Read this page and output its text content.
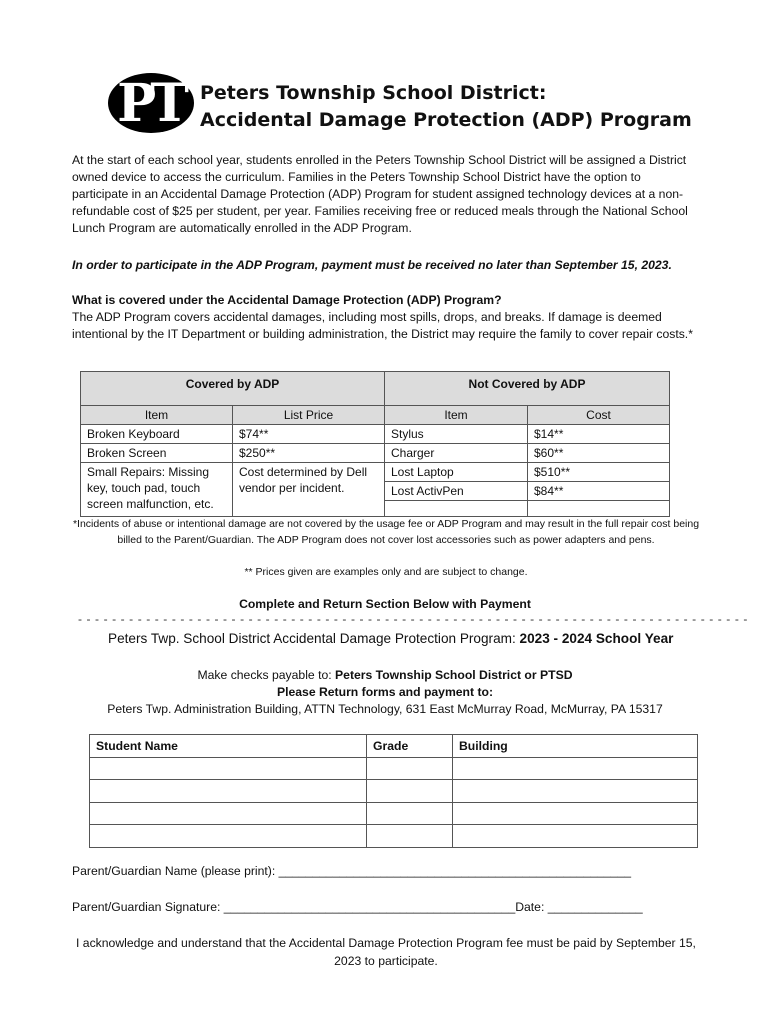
PT Peters Township School District:
Accidental Damage Protection (ADP) Program
At the start of each school year, students enrolled in the Peters Township School District will be assigned a District owned device to access the curriculum. Families in the Peters Township School District have the option to participate in an Accidental Damage Protection (ADP) Program for student assigned technology devices at a non-refundable cost of $25 per student, per year. Families receiving free or reduced meals through the National School Lunch Program are automatically enrolled in the ADP Program.
In order to participate in the ADP Program, payment must be received no later than September 15, 2023.
What is covered under the Accidental Damage Protection (ADP) Program?
The ADP Program covers accidental damages, including most spills, drops, and breaks. If damage is deemed intentional by the IT Department or building administration, the District may require the family to cover repair costs.*
Covered by ADP		Not Covered by ADP	
Item	List Price	Item	Cost
Broken Keyboard	$74**	Stylus	$14**
Broken Screen	$250**	Charger	$60**
Small Repairs: Missing key, touch pad, touch screen malfunction, etc.	Cost determined by Dell vendor per incident.	Lost Laptop	$510**
		Lost ActivPen	$84**

*Incidents of abuse or intentional damage are not covered by the usage fee or ADP Program and may result in the full repair cost being billed to the Parent/Guardian. The ADP Program does not cover lost accessories such as power adapters and pens.
** Prices given are examples only and are subject to change.
Complete and Return Section Below with Payment
- - - - - - - - - - - - - - - - - - - - - - - - - - - - - - - - - - - - - - - - - - - - - - - - - - - - - - - - - - - - - - - - - - - - - - - - - - - - - - -
Peters Twp. School District Accidental Damage Protection Program: 2023 - 2024 School Year
Make checks payable to: Peters Township School District or PTSD
Please Return forms and payment to:
Peters Twp. Administration Building, ATTN Technology, 631 East McMurray Road, McMurray, PA 15317
Student Name	Grade	Building

Parent/Guardian Name (please print): ____________________________________________________
Parent/Guardian Signature: ___________________________________________Date: ______________
I acknowledge and understand that the Accidental Damage Protection Program fee must be paid by September 15, 2023 to participate.
